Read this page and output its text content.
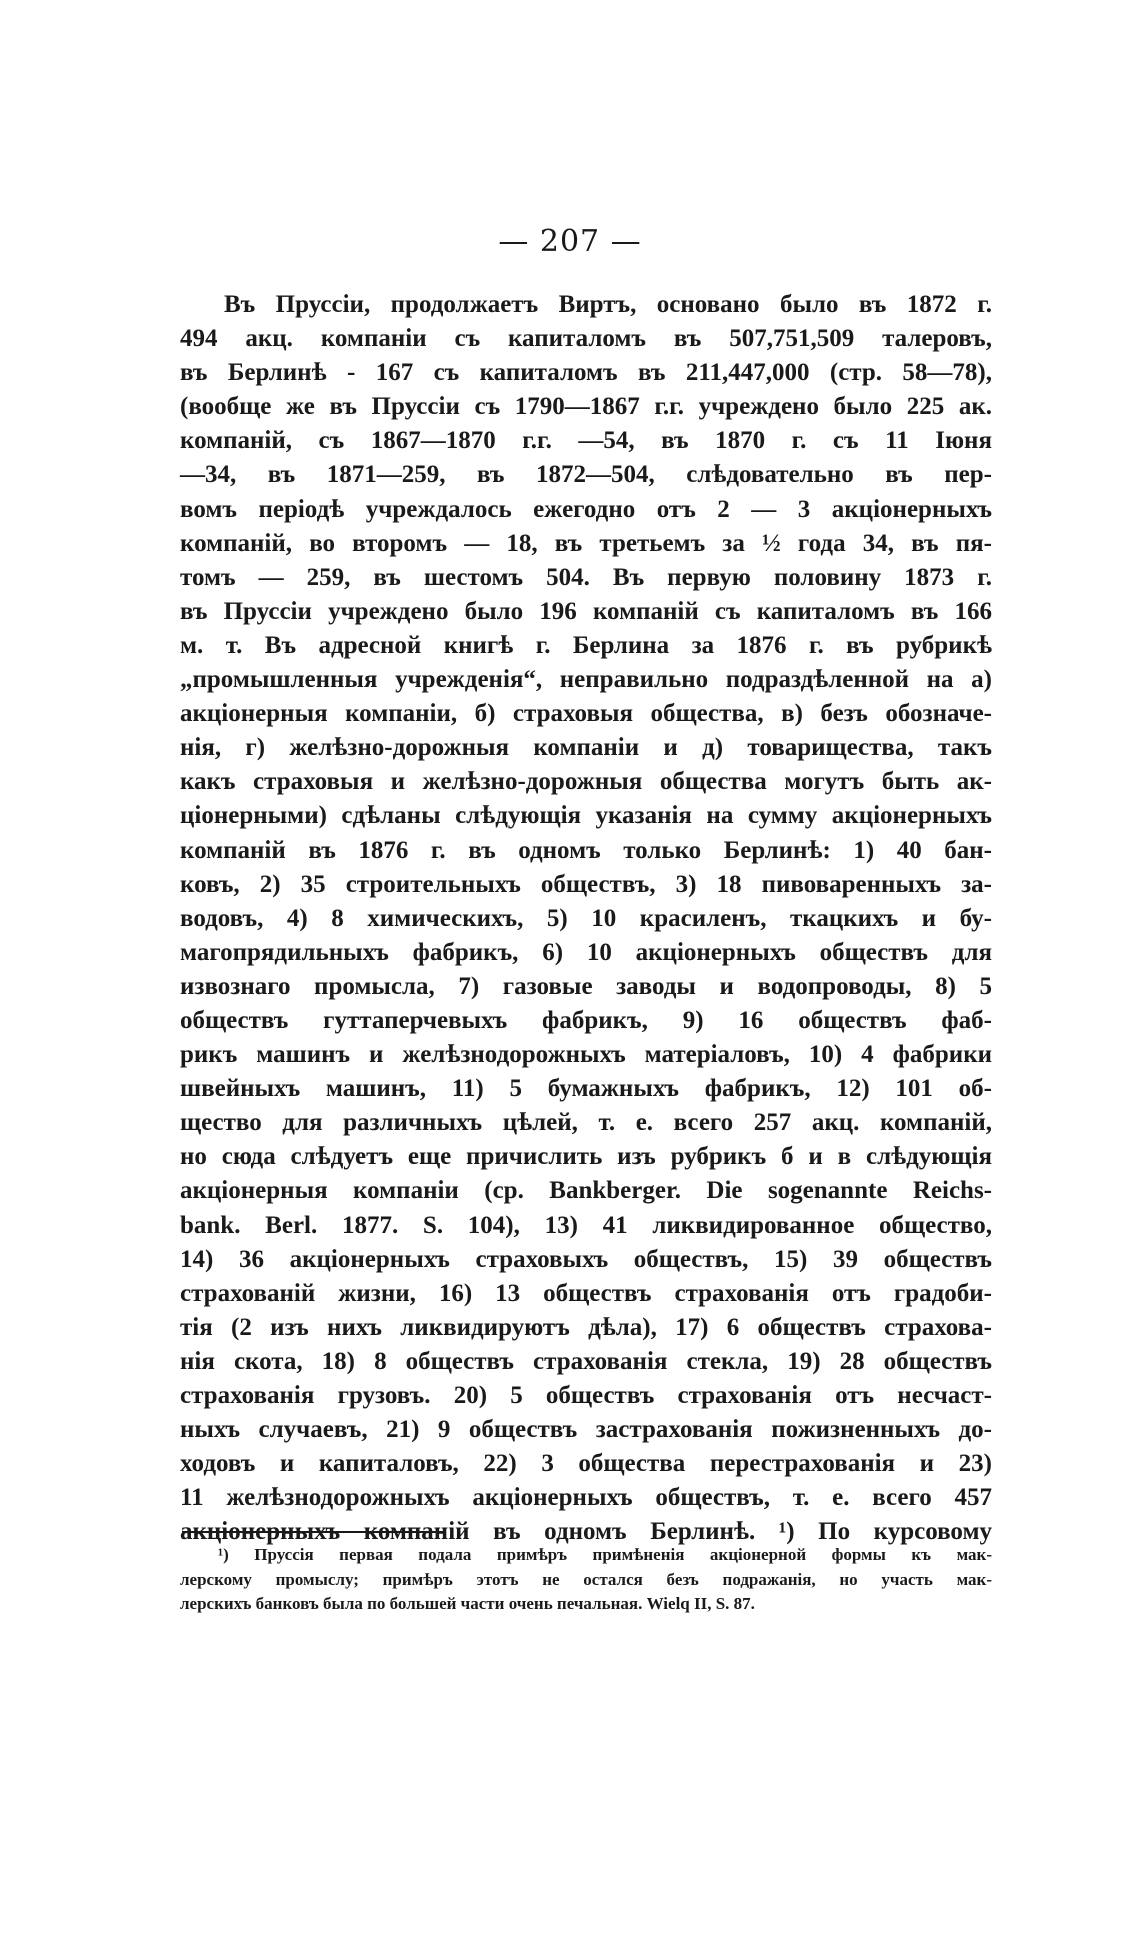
— 207 —
Въ Пруссіи, продолжаетъ Виртъ, основано было въ 1872 г.
494 акц. компаніи съ капиталомъ въ 507,751,509 талеровъ,
въ Берлинѣ - 167 съ капиталомъ въ 211,447,000 (стр. 58—78),
(вообще же въ Пруссіи съ 1790—1867 г.г. учреждено было 225 ак.
компаній, съ 1867—1870 г.г. —54, въ 1870 г. съ 11 Іюня
—34, въ 1871—259, въ 1872—504, слѣдовательно въ пер-
вомъ періодѣ учреждалось ежегодно отъ 2 — 3 акціонерныхъ
компаній, во второмъ — 18, въ третьемъ за ½ года 34, въ пя-
томъ — 259, въ шестомъ 504. Въ первую половину 1873 г.
въ Пруссіи учреждено было 196 компаній съ капиталомъ въ 166
м. т. Въ адресной книгѣ г. Берлина за 1876 г. въ рубрикѣ
„промышленныя учрежденія“, неправильно подраздѣленной на а)
акціонерныя компаніи, б) страховыя общества, в) безъ обозначе-
нія, г) желѣзно-дорожныя компаніи и д) товарищества, такъ
какъ страховыя и желѣзно-дорожныя общества могутъ быть ак-
ціонерными) сдѣланы слѣдующія указанія на сумму акціонерныхъ
компаній въ 1876 г. въ одномъ только Берлинѣ: 1) 40 бан-
ковъ, 2) 35 строительныхъ обществъ, 3) 18 пивоваренныхъ за-
водовъ, 4) 8 химическихъ, 5) 10 красиленъ, ткацкихъ и бу-
магопрядильныхъ фабрикъ, 6) 10 акціонерныхъ обществъ для
извознаго промысла, 7) газовые заводы и водопроводы, 8) 5
обществъ гуттаперчевыхъ фабрикъ, 9) 16 обществъ фаб-
рикъ машинъ и желѣзнодорожныхъ матеріаловъ, 10) 4 фабрики
швейныхъ машинъ, 11) 5 бумажныхъ фабрикъ, 12) 101 об-
щество для различныхъ цѣлей, т. е. всего 257 акц. компаній,
но сюда слѣдуетъ еще причислить изъ рубрикъ б и в слѣдующія
акціонерныя компаніи (ср. Bankberger. Die sogenannte Reichs-
bank. Berl. 1877. S. 104), 13) 41 ликвидированное общество,
14) 36 акціонерныхъ страховыхъ обществъ, 15) 39 обществъ
страхованій жизни, 16) 13 обществъ страхованія отъ градоби-
тія (2 изъ нихъ ликвидируютъ дѣла), 17) 6 обществъ страхова-
нія скота, 18) 8 обществъ страхованія стекла, 19) 28 обществъ
страхованія грузовъ. 20) 5 обществъ страхованія отъ несчаст-
ныхъ случаевъ, 21) 9 обществъ застрахованія пожизненныхъ до-
ходовъ и капиталовъ, 22) 3 общества перестрахованія и 23)
11 желѣзнодорожныхъ акціонерныхъ обществъ, т. е. всего 457
акціонерныхъ компаній въ одномъ Берлинѣ. ¹) По курсовому
¹) Пруссія первая подала примѣръ примѣненія акціонерной формы къ мак-
лерскому промыслу; примѣръ этотъ не остался безъ подражанія, но участь мак-
лерскихъ банковъ была по большей части очень печальная. Wielq II, S. 87.
